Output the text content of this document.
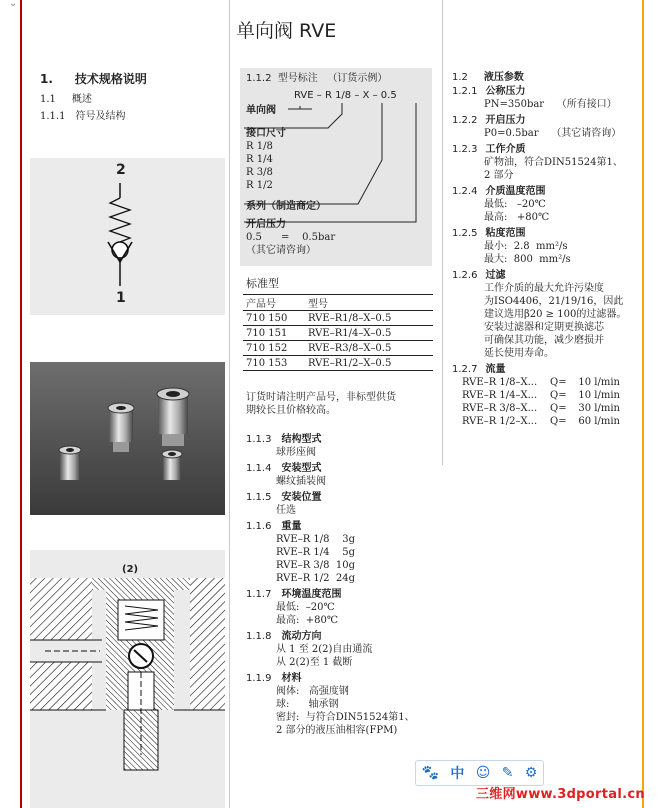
⌄
1. 技术规格说明
1.1 概述
1.1.1 符号及结构
2
1
(2)
单向阀 RVE
1.1.2 型号标注 （订货示例）
RVE – R 1/8 – X – 0.5
单向阀
接口尺寸
R 1/8
R 1/4
R 3/8
R 1/2
系列（制造商定）
开启压力
0.5      =    0.5bar
（其它请咨询）
标准型
产品号	型号
710 150	RVE–R1/8–X–0.5
710 151	RVE–R1/4–X–0.5
710 152	RVE–R3/8–X–0.5
710 153	RVE–R1/2–X–0.5
订货时请注明产品号，非标型供货
期较长且价格较高。
1.1.3 结构型式
球形座阀
1.1.4 安装型式
螺纹插装阀
1.1.5 安装位置
任选
1.1.6 重量
RVE–R 1/8    3g
RVE–R 1/4    5g
RVE–R 3/8  10g
RVE–R 1/2  24g
1.1.7 环境温度范围
最低:  –20℃
最高:  +80℃
1.1.8 流动方向
从 1 至 2(2)自由通流
从 2(2)至 1 截断
1.1.9 材料
阀体:   高强度钢
球:      轴承钢
密封:  与符合DIN51524第1、
2 部分的液压油相容(FPM)
1.2 液压参数
1.2.1 公称压力
PN=350bar    （所有接口）
1.2.2 开启压力
P0=0.5bar    （其它请咨询）
1.2.3 工作介质
矿物油，符合DIN51524第1、
2 部分
1.2.4 介质温度范围
最低:   –20℃
最高:   +80℃
1.2.5 粘度范围
最小:  2.8  mm²/s
最大:  800  mm²/s
1.2.6 过滤
工作介质的最大允许污染度
为ISO4406，21/19/16，因此
建议选用β20 ≥ 100的过滤器。
安装过滤器和定期更换滤芯
可确保其功能，减少磨损并
延长使用寿命。
1.2.7 流量
RVE–R 1/8–X...	Q=	10 l/min
RVE–R 1/4–X...	Q=	10 l/min
RVE–R 3/8–X...	Q=	30 l/min
RVE–R 1/2–X...	Q=	60 l/min
🐾 中 ☺ ✎ ⚙
三维网www.3dportal.cn
